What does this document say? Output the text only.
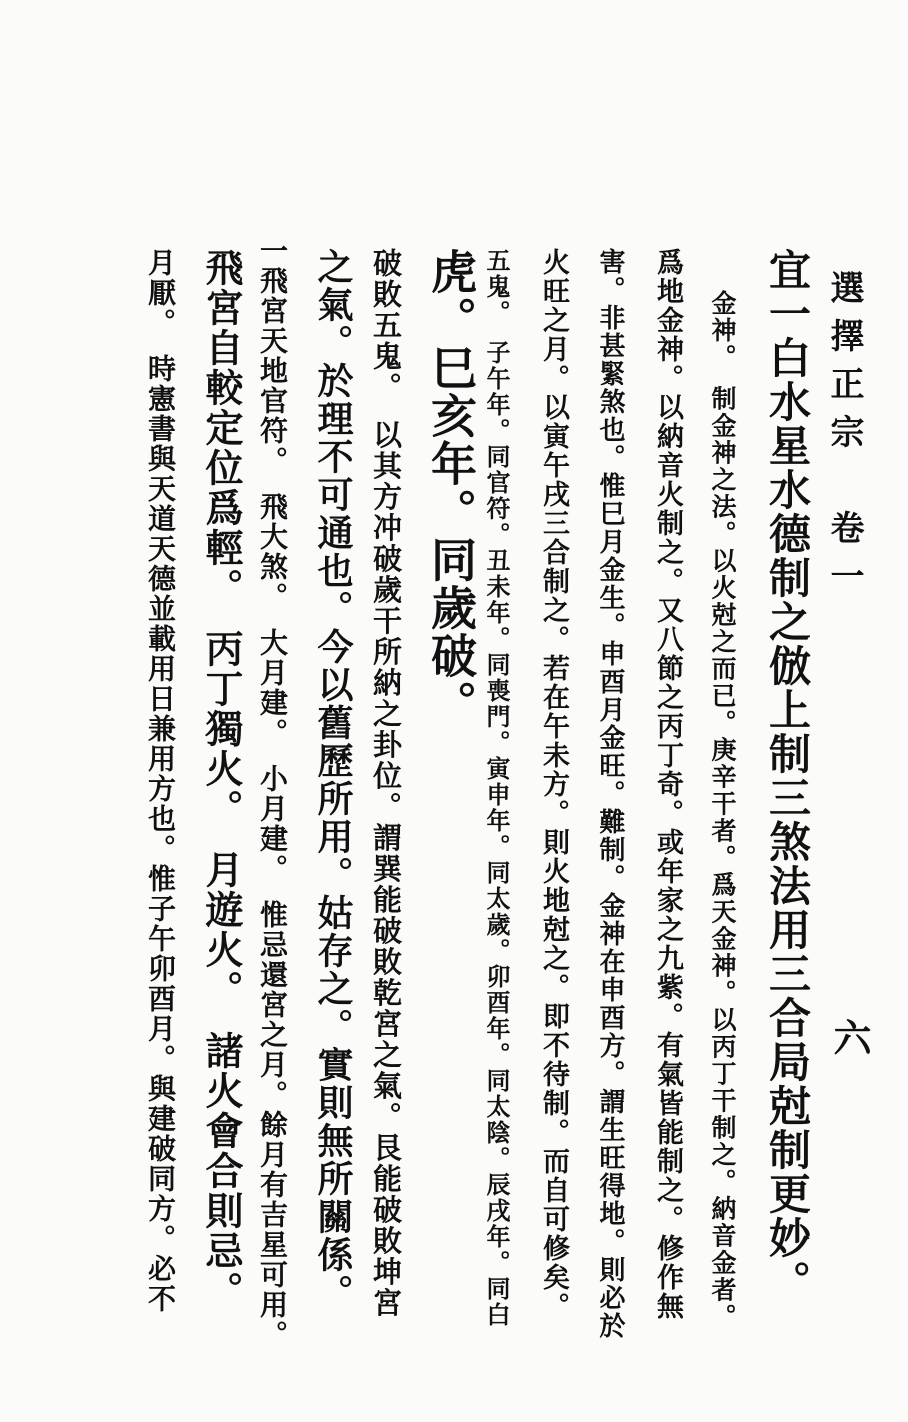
選擇正宗　卷一
六
宜一白水星水德制之倣上制三煞法用三合局尅制更妙。
金神。　制金神之法。以火尅之而已。庚辛干者。爲天金神。以丙丁干制之。納音金者。
爲地金神。以納音火制之。又八節之丙丁奇。或年家之九紫。有氣皆能制之。修作無
害。非甚緊煞也。惟巳月金生。申酉月金旺。難制。金神在申酉方。謂生旺得地。則必於
火旺之月。以寅午戌三合制之。若在午未方。則火地尅之。即不待制。而自可修矣。
五鬼。　子午年。同官符。丑未年。同喪門。寅申年。同太歲。卯酉年。同太陰。辰戌年。同白
虎。巳亥年。同歲破。
破敗五鬼。　以其方冲破歲干所納之卦位。謂巽能破敗乾宮之氣。艮能破敗坤宮
之氣。於理不可通也。今以舊歷所用。姑存之。實則無所關係。
一飛宮天地官符。　飛大煞。　大月建。　小月建。　惟忌還宮之月。餘月有吉星可用。
飛宮自較定位爲輕。　丙丁獨火。　月遊火。　諸火會合則忌。
月厭。　時憲書與天道天德並載用日兼用方也。惟子午卯酉月。與建破同方。必不
